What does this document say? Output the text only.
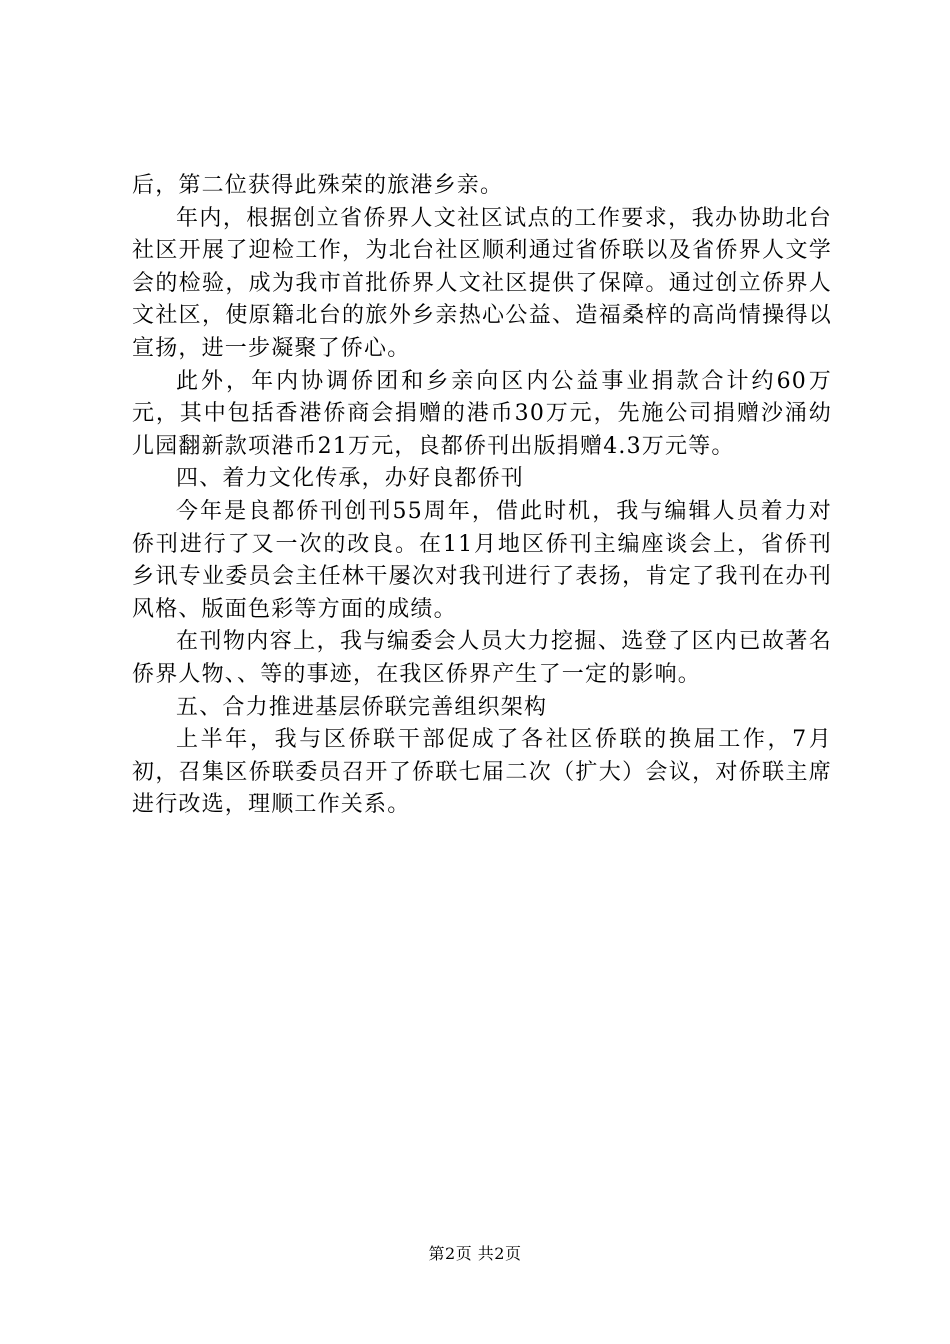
后，第二位获得此殊荣的旅港乡亲。

年内，根据创立省侨界人文社区试点的工作要求，我办协助北台社区开展了迎检工作，为北台社区顺利通过省侨联以及省侨界人文学会的检验，成为我市首批侨界人文社区提供了保障。通过创立侨界人文社区，使原籍北台的旅外乡亲热心公益、造福桑梓的高尚情操得以宣扬，进一步凝聚了侨心。

此外，年内协调侨团和乡亲向区内公益事业捐款合计约60万元，其中包括香港侨商会捐赠的港币30万元，先施公司捐赠沙涌幼儿园翻新款项港币21万元，良都侨刊出版捐赠4.3万元等。

四、着力文化传承，办好良都侨刊

今年是良都侨刊创刊55周年，借此时机，我与编辑人员着力对侨刊进行了又一次的改良。在11月地区侨刊主编座谈会上，省侨刊乡讯专业委员会主任林干屡次对我刊进行了表扬，肯定了我刊在办刊风格、版面色彩等方面的成绩。

在刊物内容上，我与编委会人员大力挖掘、选登了区内已故著名侨界人物、、等的事迹，在我区侨界产生了一定的影响。

五、合力推进基层侨联完善组织架构

上半年，我与区侨联干部促成了各社区侨联的换届工作，7月初，召集区侨联委员召开了侨联七届二次（扩大）会议，对侨联主席进行改选，理顺工作关系。

第2页 共2页
